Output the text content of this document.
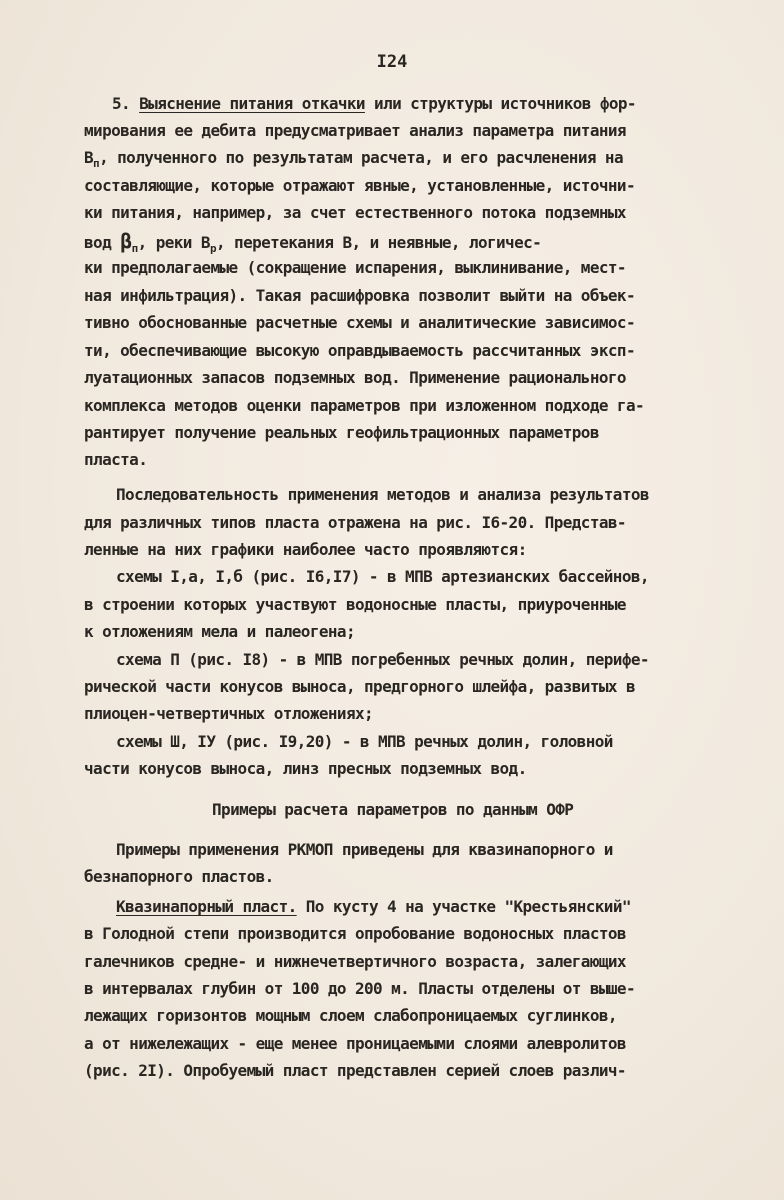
I24
5. Выяснение питания откачки или структуры источников фор-
мирования ее дебита предусматривает анализ параметра питания
$B_п$, полученного по результатам расчета, и его расчленения на
составляющие, которые отражают явные, установленные, источни-
ки питания, например, за счет естественного потока подземных
вод $\beta_п$, реки $B_р$, перетекания B, и неявные, логичес-
ки предполагаемые (сокращение испарения, выклинивание, мест-
ная инфильтрация). Такая расшифровка позволит выйти на объек-
тивно обоснованные расчетные схемы и аналитические зависимос-
ти, обеспечивающие высокую оправдываемость рассчитанных эксп-
луатационных запасов подземных вод. Применение рационального
комплекса методов оценки параметров при изложенном подходе га-
рантирует получение реальных геофильтрационных параметров
пласта.
Последовательность применения методов и анализа результатов
для различных типов пласта отражена на рис. I6-20. Представ-
ленные на них графики наиболее часто проявляются:
схемы I,а, I,б (рис. I6,I7) - в МПВ артезианских бассейнов,
в строении которых участвуют водоносные пласты, приуроченные
к отложениям мела и палеогена;
схема П (рис. I8) - в МПВ погребенных речных долин, перифе-
рической части конусов выноса, предгорного шлейфа, развитых в
плиоцен-четвертичных отложениях;
схемы Ш, IУ (рис. I9,20) - в МПВ речных долин, головной
части конусов выноса, линз пресных подземных вод.
Примеры расчета параметров по данным ОФР
Примеры применения РКМОП приведены для квазинапорного и
безнапорного пластов.
Квазинапорный пласт. По кусту 4 на участке "Крестьянский"
в Голодной степи производится опробование водоносных пластов
галечников средне- и нижнечетвертичного возраста, залегающих
в интервалах глубин от 100 до 200 м. Пласты отделены от выше-
лежащих горизонтов мощным слоем слабопроницаемых суглинков,
а от нижележащих - еще менее проницаемыми слоями алевролитов
(рис. 2I). Опробуемый пласт представлен серией слоев различ-
